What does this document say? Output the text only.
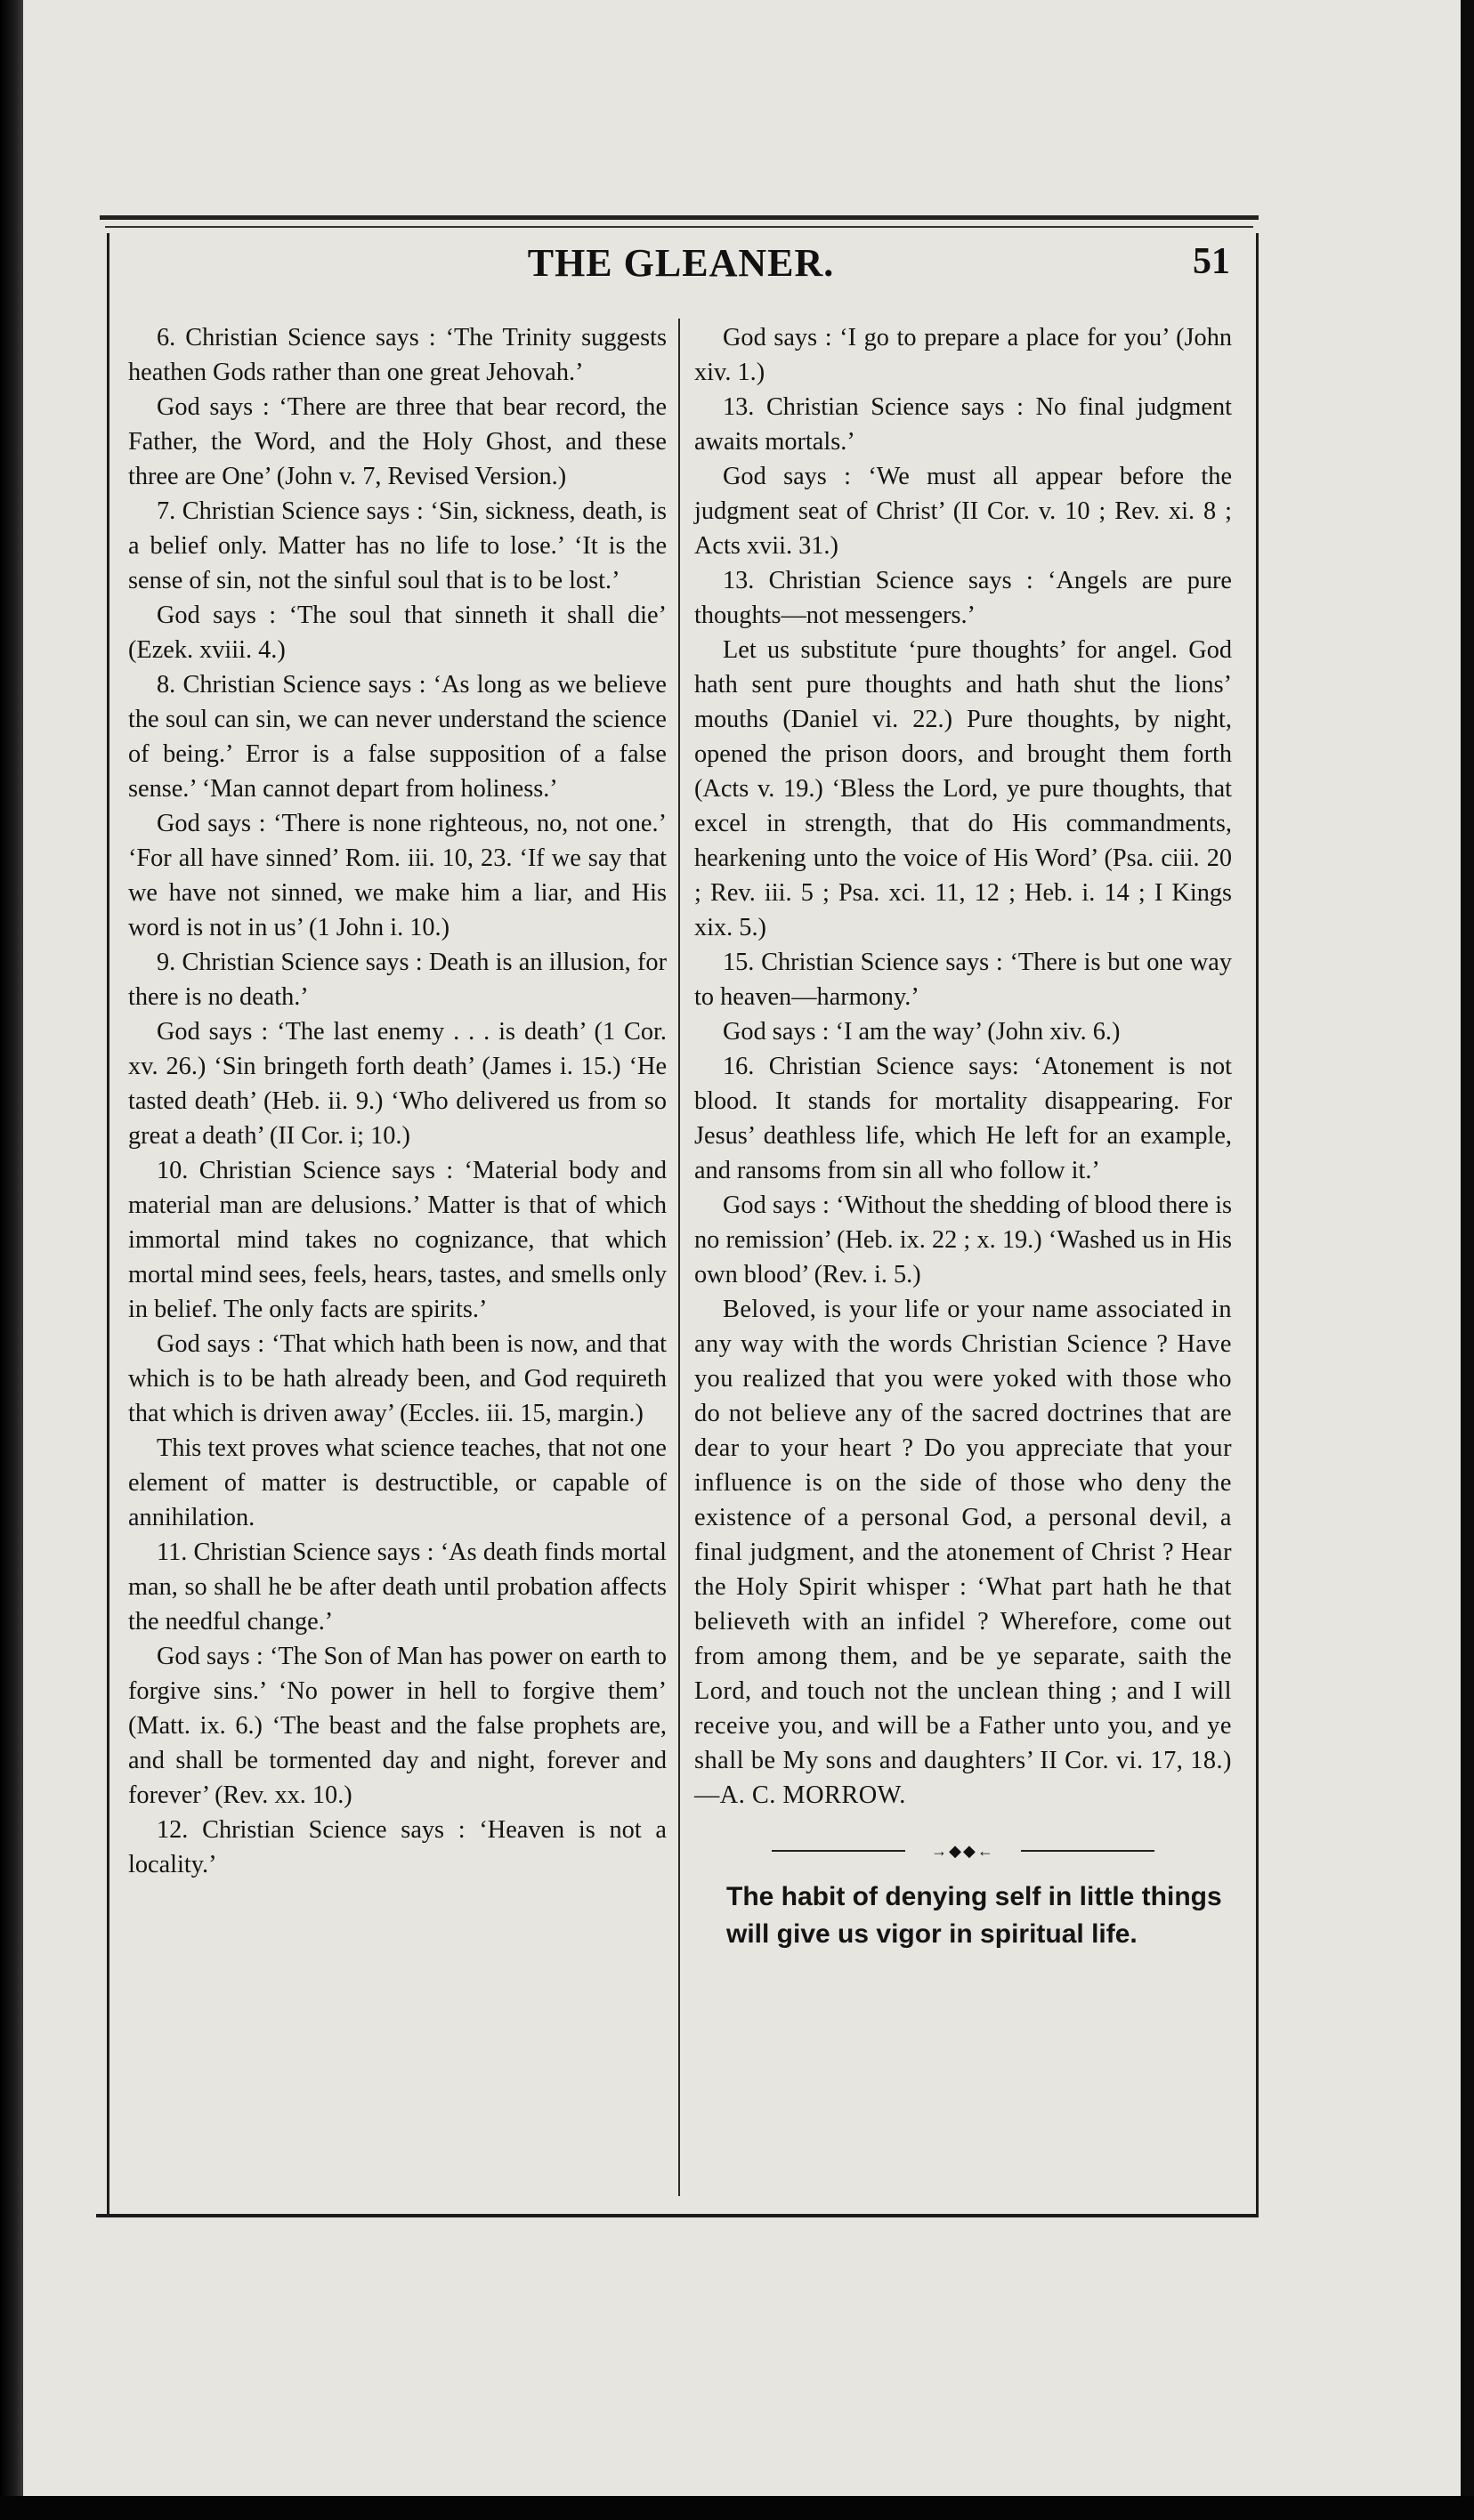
THE GLEANER.	51

6. Christian Science says : ‘The Trinity suggests heathen Gods rather than one great Jehovah.’

God says : ‘There are three that bear record, the Father, the Word, and the Holy Ghost, and these three are One’ (John v. 7, Revised Version.)

7. Christian Science says : ‘Sin, sickness, death, is a belief only. Matter has no life to lose.’ ‘It is the sense of sin, not the sinful soul that is to be lost.’

God says : ‘The soul that sinneth it shall die’ (Ezek. xviii. 4.)

8. Christian Science says : ‘As long as we believe the soul can sin, we can never understand the science of being.’ Error is a false supposition of a false sense.’ ‘Man cannot depart from holiness.’

God says : ‘There is none righteous, no, not one.’ ‘For all have sinned’ Rom. iii. 10, 23. ‘If we say that we have not sinned, we make him a liar, and His word is not in us’ (1 John i. 10.)

9. Christian Science says : Death is an illusion, for there is no death.’

God says : ‘The last enemy . . . is death’ (1 Cor. xv. 26.) ‘Sin bringeth forth death’ (James i. 15.) ‘He tasted death’ (Heb. ii. 9.) ‘Who delivered us from so great a death’ (II Cor. i; 10.)

10. Christian Science says : ‘Material body and material man are delusions.’ Matter is that of which immortal mind takes no cognizance, that which mortal mind sees, feels, hears, tastes, and smells only in belief. The only facts are spirits.’

God says : ‘That which hath been is now, and that which is to be hath already been, and God requireth that which is driven away’ (Eccles. iii. 15, margin.)

This text proves what science teaches, that not one element of matter is destructible, or capable of annihilation.

11. Christian Science says : ‘As death finds mortal man, so shall he be after death until probation affects the needful change.’

God says : ‘The Son of Man has power on earth to forgive sins.’ ‘No power in hell to forgive them’ (Matt. ix. 6.) ‘The beast and the false prophets are, and shall be tormented day and night, forever and forever’ (Rev. xx. 10.)

12. Christian Science says : ‘Heaven is not a locality.’

God says : ‘I go to prepare a place for you’ (John xiv. 1.)

13. Christian Science says : No final judgment awaits mortals.’

God says : ‘We must all appear before the judgment seat of Christ’ (II Cor. v. 10 ; Rev. xi. 8 ; Acts xvii. 31.)

13. Christian Science says : ‘Angels are pure thoughts—not messengers.’

Let us substitute ‘pure thoughts’ for angel. God hath sent pure thoughts and hath shut the lions’ mouths (Daniel vi. 22.) Pure thoughts, by night, opened the prison doors, and brought them forth (Acts v. 19.) ‘Bless the Lord, ye pure thoughts, that excel in strength, that do His commandments, hearkening unto the voice of His Word’ (Psa. ciii. 20 ; Rev. iii. 5 ; Psa. xci. 11, 12 ; Heb. i. 14 ; I Kings xix. 5.)

15. Christian Science says : ‘There is but one way to heaven—harmony.’

God says : ‘I am the way’ (John xiv. 6.)

16. Christian Science says: ‘Atonement is not blood. It stands for mortality disappearing. For Jesus’ deathless life, which He left for an example, and ransoms from sin all who follow it.’

God says : ‘Without the shedding of blood there is no remission’ (Heb. ix. 22 ; x. 19.) ‘Washed us in His own blood’ (Rev. i. 5.)

Beloved, is your life or your name associated in any way with the words Christian Science ? Have you realized that you were yoked with those who do not believe any of the sacred doctrines that are dear to your heart ? Do you appreciate that your influence is on the side of those who deny the existence of a personal God, a personal devil, a final judgment, and the atonement of Christ ? Hear the Holy Spirit whisper : ‘What part hath he that believeth with an infidel ? Wherefore, come out from among them, and be ye separate, saith the Lord, and touch not the unclean thing ; and I will receive you, and will be a Father unto you, and ye shall be My sons and daughters’ II Cor. vi. 17, 18.)—A. C. MORROW.

→◆◆←

The habit of denying self in little things will give us vigor in spiritual life.
